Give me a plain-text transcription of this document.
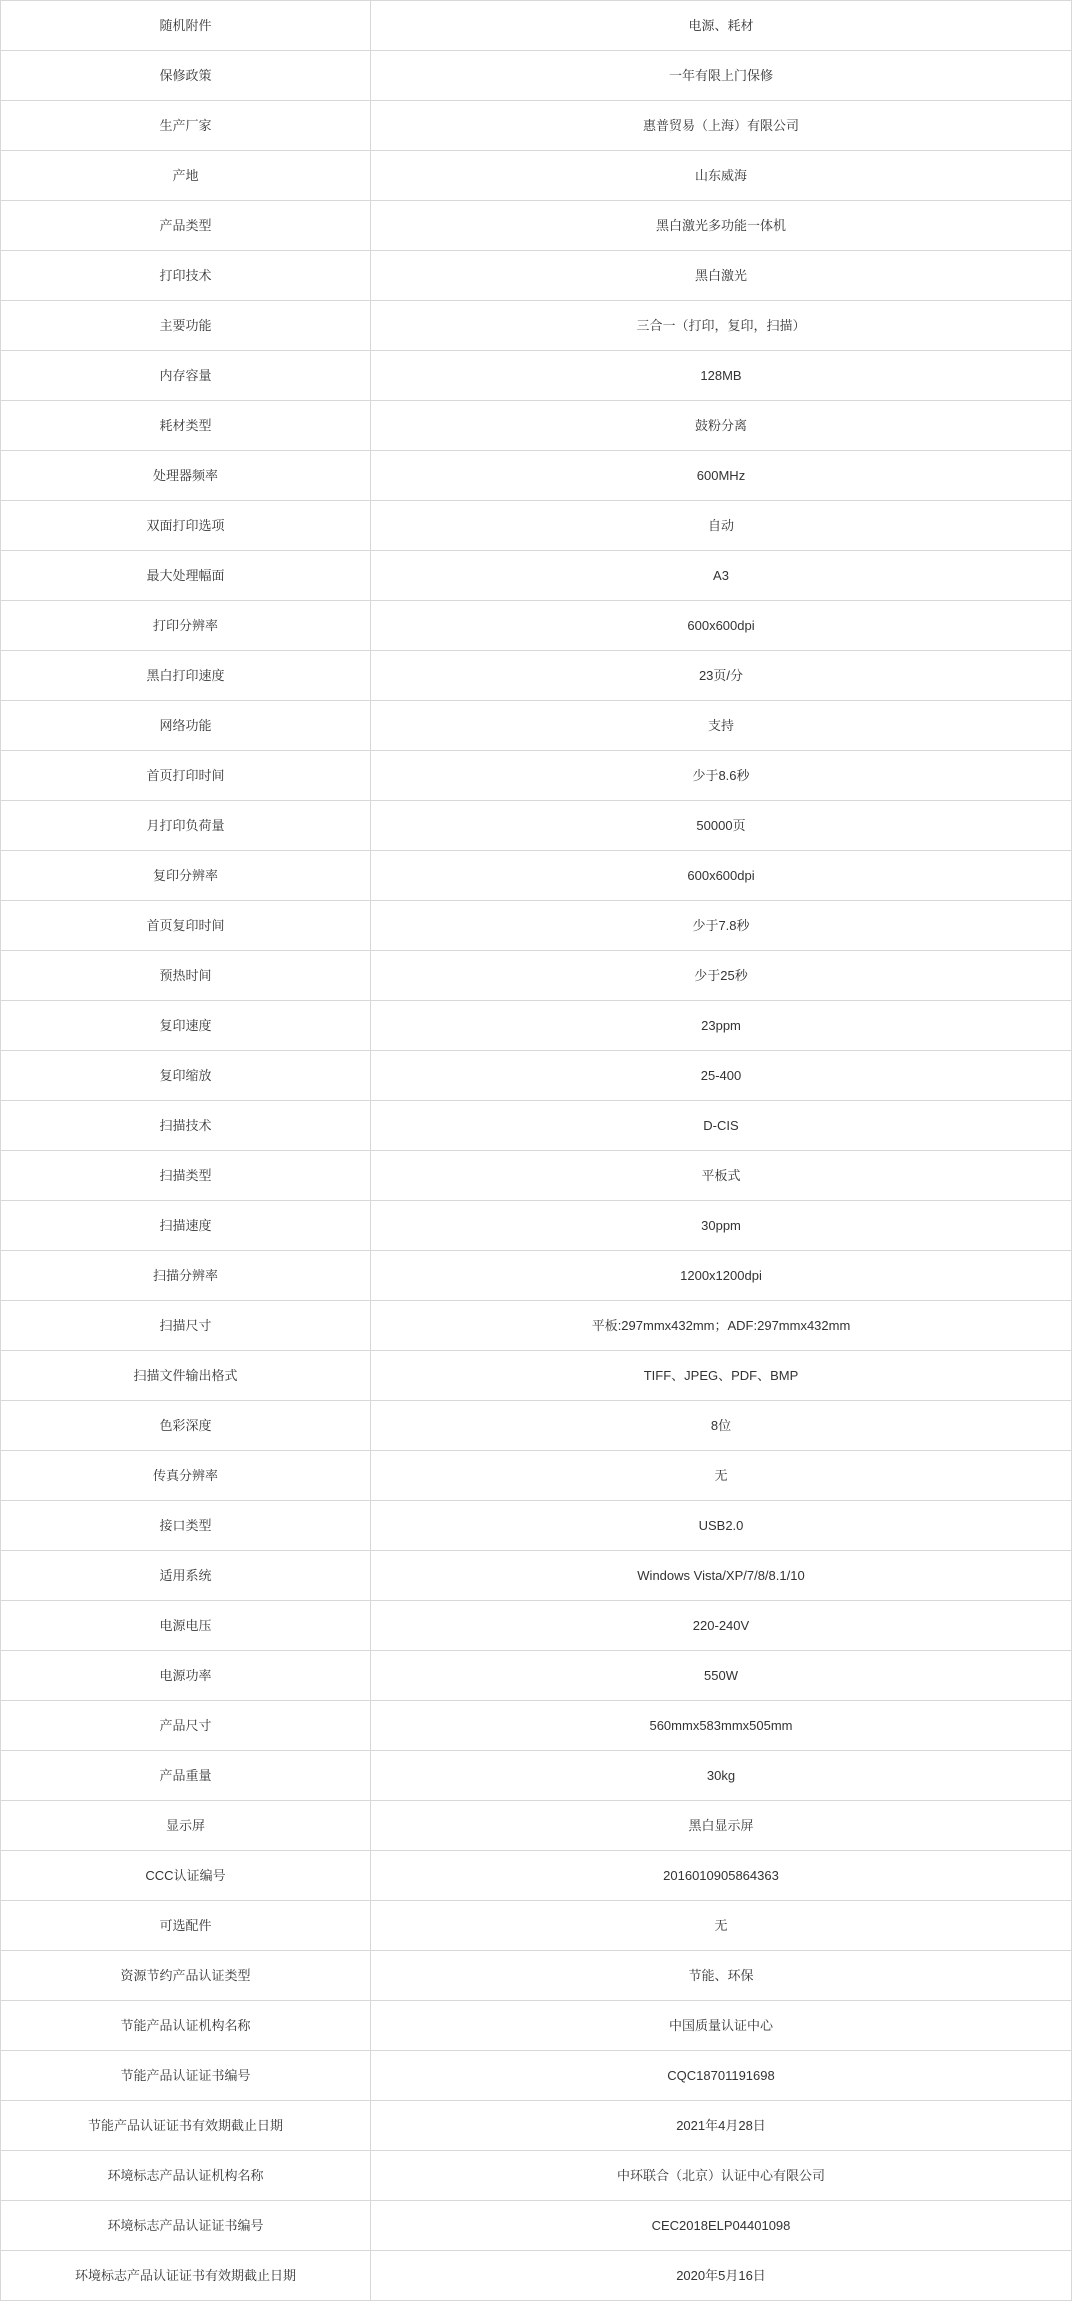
随机附件	电源、耗材
保修政策	一年有限上门保修
生产厂家	惠普贸易（上海）有限公司
产地	山东威海
产品类型	黑白激光多功能一体机
打印技术	黑白激光
主要功能	三合一（打印，复印，扫描）
内存容量	128MB
耗材类型	鼓粉分离
处理器频率	600MHz
双面打印选项	自动
最大处理幅面	A3
打印分辨率	600x600dpi
黑白打印速度	23页/分
网络功能	支持
首页打印时间	少于8.6秒
月打印负荷量	50000页
复印分辨率	600x600dpi
首页复印时间	少于7.8秒
预热时间	少于25秒
复印速度	23ppm
复印缩放	25-400
扫描技术	D-CIS
扫描类型	平板式
扫描速度	30ppm
扫描分辨率	1200x1200dpi
扫描尺寸	平板:297mmx432mm；ADF:297mmx432mm
扫描文件输出格式	TIFF、JPEG、PDF、BMP
色彩深度	8位
传真分辨率	无
接口类型	USB2.0
适用系统	Windows Vista/XP/7/8/8.1/10
电源电压	220-240V
电源功率	550W
产品尺寸	560mmx583mmx505mm
产品重量	30kg
显示屏	黑白显示屏
CCC认证编号	2016010905864363
可选配件	无
资源节约产品认证类型	节能、环保
节能产品认证机构名称	中国质量认证中心
节能产品认证证书编号	CQC18701191698
节能产品认证证书有效期截止日期	2021年4月28日
环境标志产品认证机构名称	中环联合（北京）认证中心有限公司
环境标志产品认证证书编号	CEC2018ELP04401098
环境标志产品认证证书有效期截止日期	2020年5月16日
